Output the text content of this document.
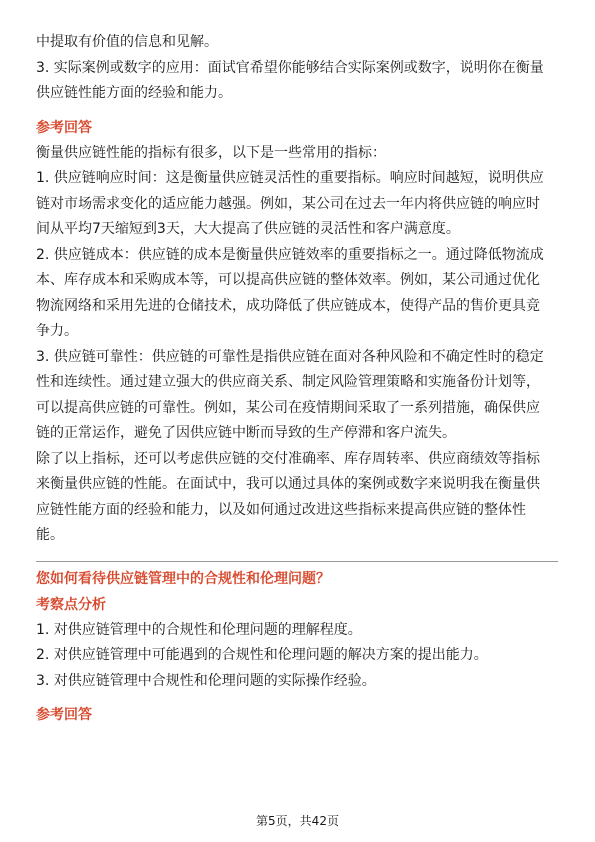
中提取有价值的信息和见解。

3. 实际案例或数字的应用：面试官希望你能够结合实际案例或数字，说明你在衡量

供应链性能方面的经验和能力。

参考回答

衡量供应链性能的指标有很多，以下是一些常用的指标：

1. 供应链响应时间：这是衡量供应链灵活性的重要指标。响应时间越短，说明供应

链对市场需求变化的适应能力越强。例如，某公司在过去一年内将供应链的响应时

间从平均7天缩短到3天，大大提高了供应链的灵活性和客户满意度。

2. 供应链成本：供应链的成本是衡量供应链效率的重要指标之一。通过降低物流成

本、库存成本和采购成本等，可以提高供应链的整体效率。例如，某公司通过优化

物流网络和采用先进的仓储技术，成功降低了供应链成本，使得产品的售价更具竞

争力。

3. 供应链可靠性：供应链的可靠性是指供应链在面对各种风险和不确定性时的稳定

性和连续性。通过建立强大的供应商关系、制定风险管理策略和实施备份计划等，

可以提高供应链的可靠性。例如，某公司在疫情期间采取了一系列措施，确保供应

链的正常运作，避免了因供应链中断而导致的生产停滞和客户流失。

除了以上指标，还可以考虑供应链的交付准确率、库存周转率、供应商绩效等指标

来衡量供应链的性能。在面试中，我可以通过具体的案例或数字来说明我在衡量供

应链性能方面的经验和能力，以及如何通过改进这些指标来提高供应链的整体性

能。

您如何看待供应链管理中的合规性和伦理问题？

考察点分析

1. 对供应链管理中的合规性和伦理问题的理解程度。

2. 对供应链管理中可能遇到的合规性和伦理问题的解决方案的提出能力。

3. 对供应链管理中合规性和伦理问题的实际操作经验。

参考回答

第5页，共42页
